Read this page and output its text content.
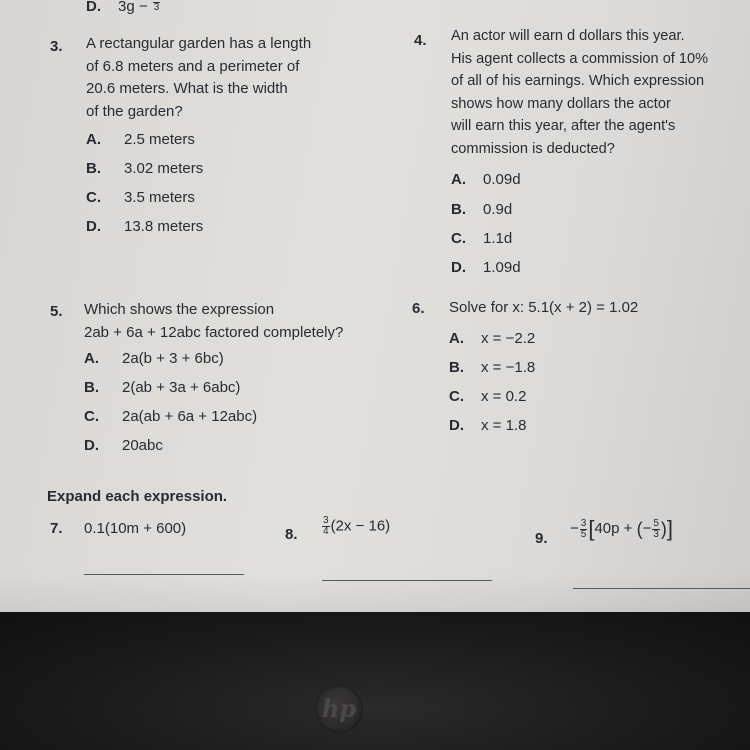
D. 3g − 3
3. A rectangular garden has a length
of 6.8 meters and a perimeter of
20.6 meters. What is the width
of the garden?
A. 2.5 meters
B. 3.02 meters
C. 3.5 meters
D. 13.8 meters
4. An actor will earn d dollars this year.
His agent collects a commission of 10%
of all of his earnings. Which expression
shows how many dollars the actor
will earn this year, after the agent's
commission is deducted?
A. 0.09d
B. 0.9d
C. 1.1d
D. 1.09d
5. Which shows the expression
2ab + 6a + 12abc factored completely?
A. 2a(b + 3 + 6bc)
B. 2(ab + 3a + 6abc)
C. 2a(ab + 6a + 12abc)
D. 20abc
6. Solve for x: 5.1(x + 2) = 1.02
A. x = −2.2
B. x = −1.8
C. x = 0.2
D. x = 1.8
Expand each expression.
7. 0.1(10m + 600)	8. $\frac{3}{4} (2x - 16)$
9.
− $\frac{3}{5} [40p$ + (− $\frac{5}{3}$ )]
hp
